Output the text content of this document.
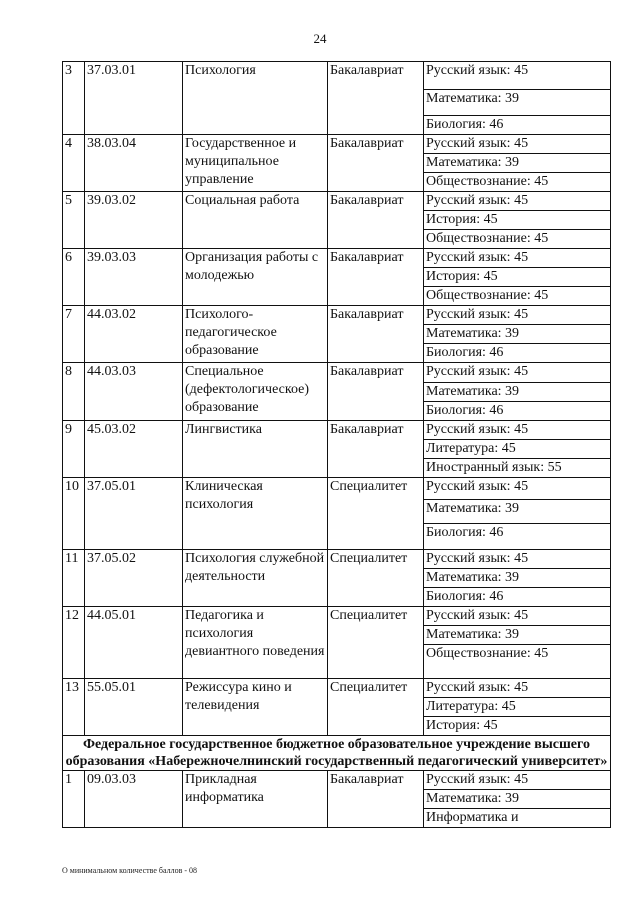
24
3	37.03.01	Психология	Бакалавриат	Русский язык: 45
				Математика: 39
				Биология: 46
4	38.03.04	Государственное и муниципальное управление	Бакалавриат	Русский язык: 45
				Математика: 39
				Обществознание: 45
5	39.03.02	Социальная работа	Бакалавриат	Русский язык: 45
				История: 45
				Обществознание: 45
6	39.03.03	Организация работы с молодежью	Бакалавриат	Русский язык: 45
				История: 45
				Обществознание: 45
7	44.03.02	Психолого-педагогическое образование	Бакалавриат	Русский язык: 45
				Математика: 39
				Биология: 46
8	44.03.03	Специальное (дефектологическое) образование	Бакалавриат	Русский язык: 45
				Математика: 39
				Биология: 46
9	45.03.02	Лингвистика	Бакалавриат	Русский язык: 45
				Литература: 45
				Иностранный язык: 55
10	37.05.01	Клиническая психология	Специалитет	Русский язык: 45
				Математика: 39
				Биология: 46
11	37.05.02	Психология служебной деятельности	Специалитет	Русский язык: 45
				Математика: 39
				Биология: 46
12	44.05.01	Педагогика и психология девиантного поведения	Специалитет	Русский язык: 45
				Математика: 39
				Обществознание: 45
13	55.05.01	Режиссура кино и телевидения	Специалитет	Русский язык: 45
				Литература: 45
				История: 45
Федеральное государственное бюджетное образовательное учреждение высшего образования «Набережночелнинский государственный педагогический университет»				
1	09.03.03	Прикладная информатика	Бакалавриат	Русский язык: 45
				Математика: 39
				Информатика и
О минимальном количестве баллов - 08
